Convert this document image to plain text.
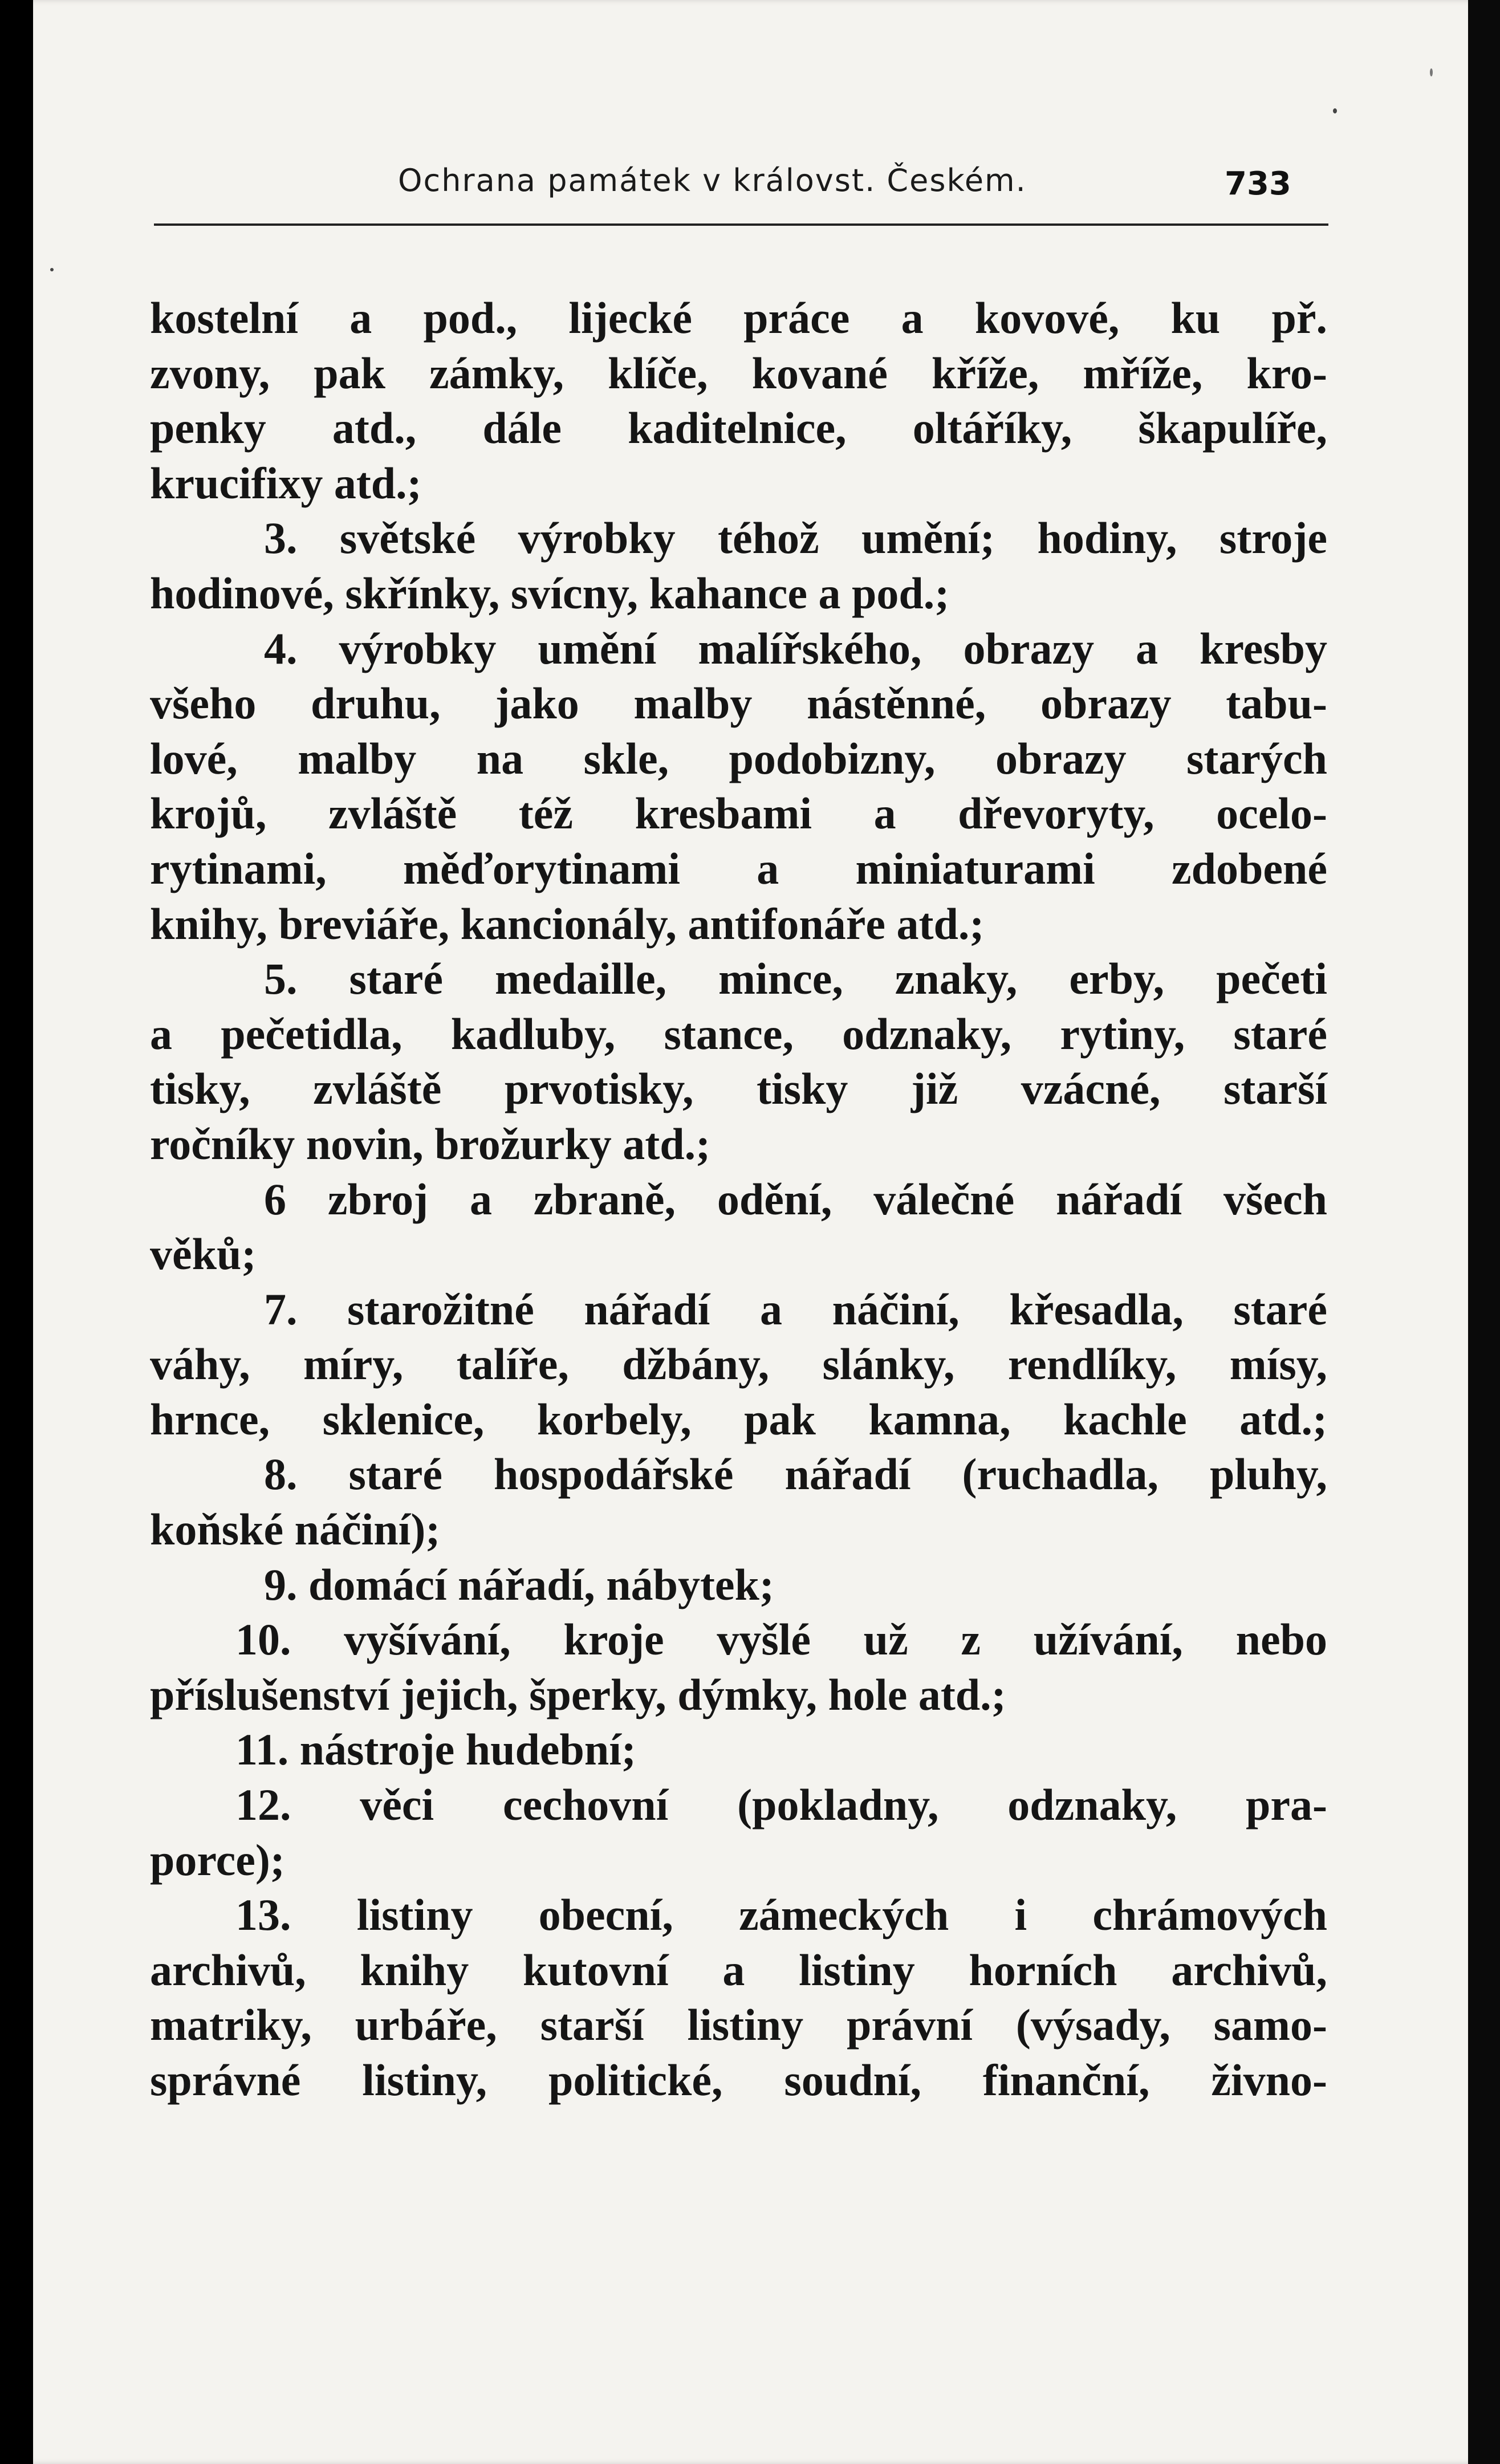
Ochrana památek v královst. Českém.	733
kostelní a pod., lijecké práce a kovové, ku př.
zvony, pak zámky, klíče, kované kříže, mříže, kro-
penky atd., dále kaditelnice, oltáříky, škapulíře,
krucifixy atd.;
3. světské výrobky téhož umění; hodiny, stroje
hodinové, skřínky, svícny, kahance a pod.;
4. výrobky umění malířského, obrazy a kresby
všeho druhu, jako malby nástěnné, obrazy tabu-
lové, malby na skle, podobizny, obrazy starých
krojů, zvláště též kresbami a dřevoryty, ocelo-
rytinami, měďorytinami a miniaturami zdobené
knihy, breviáře, kancionály, antifonáře atd.;
5. staré medaille, mince, znaky, erby, pečeti
a pečetidla, kadluby, stance, odznaky, rytiny, staré
tisky, zvláště prvotisky, tisky již vzácné, starší
ročníky novin, brožurky atd.;
6 zbroj a zbraně, odění, válečné nářadí všech
věků;
7. starožitné nářadí a náčiní, křesadla, staré
váhy, míry, talíře, džbány, slánky, rendlíky, mísy,
hrnce, sklenice, korbely, pak kamna, kachle atd.;
8. staré hospodářské nářadí (ruchadla, pluhy,
koňské náčiní);
9. domácí nářadí, nábytek;
10. vyšívání, kroje vyšlé už z užívání, nebo
příslušenství jejich, šperky, dýmky, hole atd.;
11. nástroje hudební;
12. věci cechovní (pokladny, odznaky, pra-
porce);
13. listiny obecní, zámeckých i chrámových
archivů, knihy kutovní a listiny horních archivů,
matriky, urbáře, starší listiny právní (výsady, samo-
správné listiny, politické, soudní, finanční, živno-
